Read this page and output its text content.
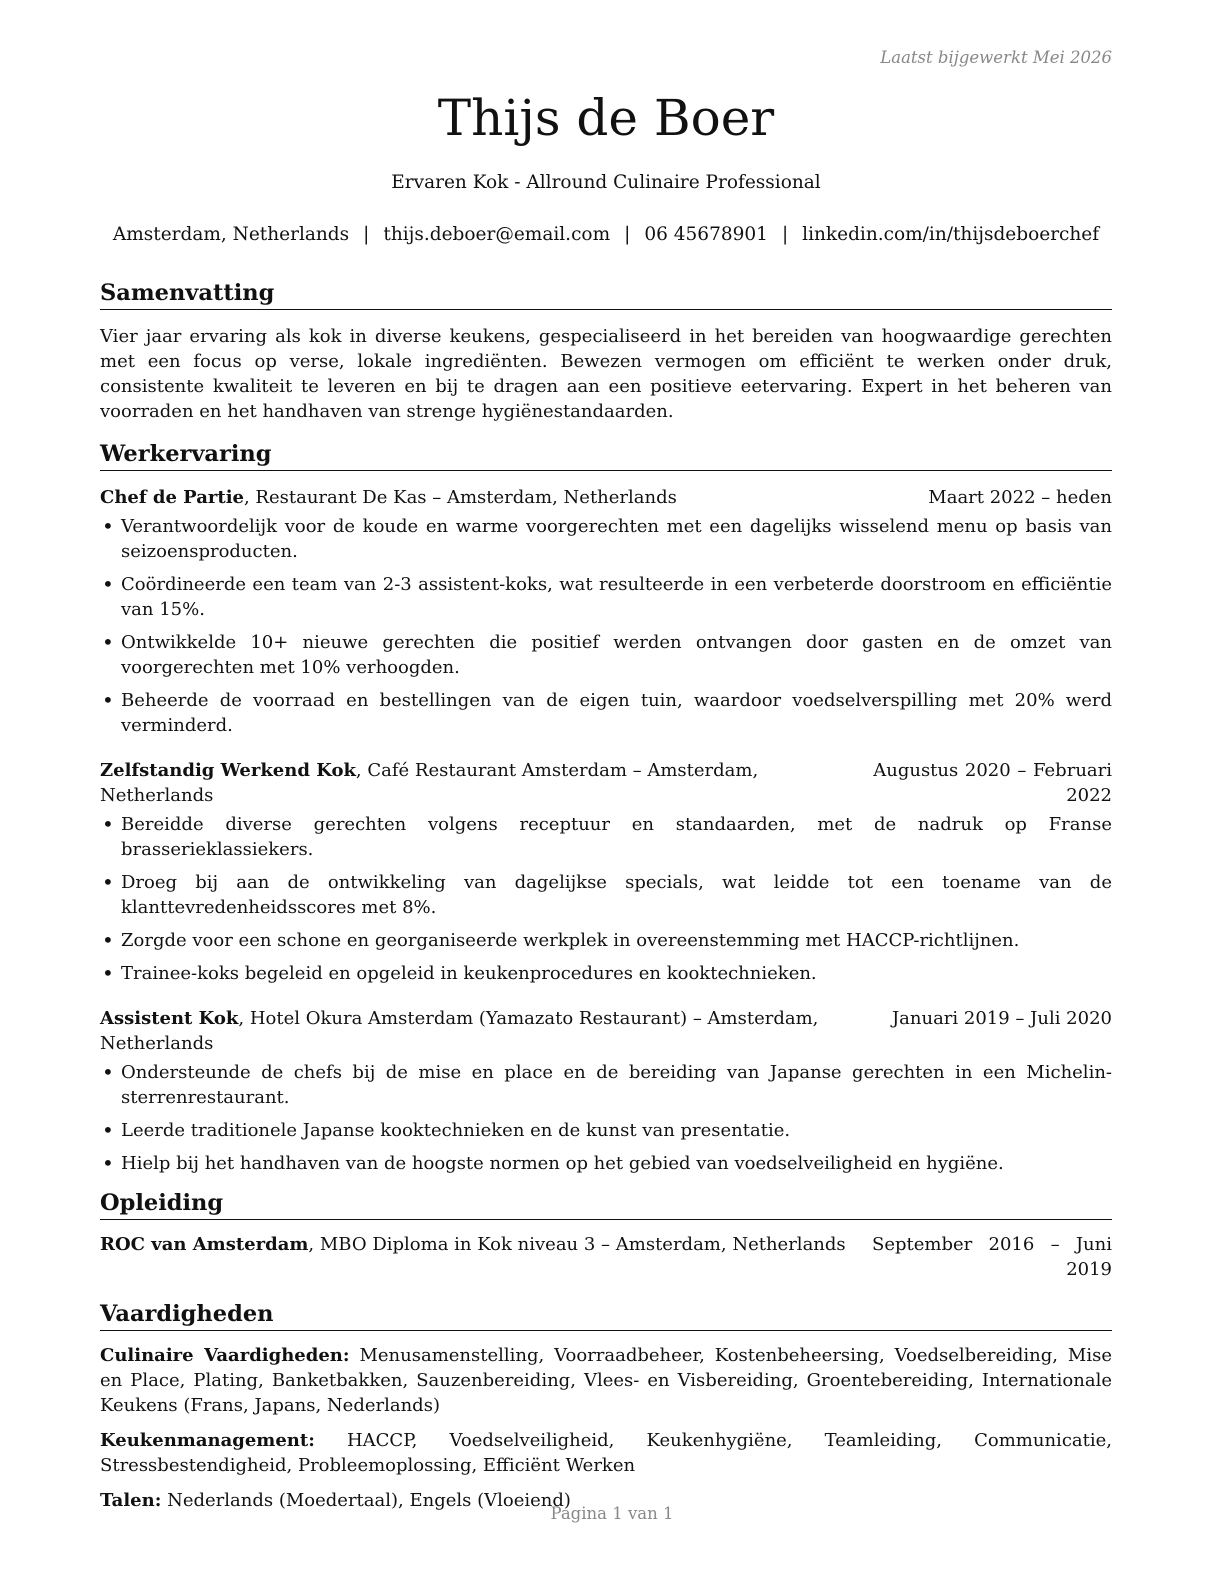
Laatst bijgewerkt Mei 2026
Thijs de Boer
Ervaren Kok - Allround Culinaire Professional
Amsterdam, Netherlands | thijs.deboer@email.com | 06 45678901 | linkedin.com/in/thijsdeboerchef
Samenvatting
Vier jaar ervaring als kok in diverse keukens, gespecialiseerd in het bereiden van hoogwaardige gerechten met een focus op verse, lokale ingrediënten. Bewezen vermogen om efficiënt te werken onder druk, consistente kwaliteit te leveren en bij te dragen aan een positieve eetervaring. Expert in het beheren van voorraden en het handhaven van strenge hygiënestandaarden.
Werkervaring
Chef de Partie, Restaurant De Kas – Amsterdam, Netherlands	Maart 2022 – heden
• Verantwoordelijk voor de koude en warme voorgerechten met een dagelijks wisselend menu op basis van seizoensproducten.
• Coördineerde een team van 2-3 assistent-koks, wat resulteerde in een verbeterde doorstroom en efficiëntie van 15%.
• Ontwikkelde 10+ nieuwe gerechten die positief werden ontvangen door gasten en de omzet van voorgerechten met 10% verhoogden.
• Beheerde de voorraad en bestellingen van de eigen tuin, waardoor voedselverspilling met 20% werd verminderd.
Zelfstandig Werkend Kok, Café Restaurant Amsterdam – Amsterdam, Netherlands
Augustus 2020 – Februari 2022
• Bereidde diverse gerechten volgens receptuur en standaarden, met de nadruk op Franse brasserieklassiekers.
• Droeg bij aan de ontwikkeling van dagelijkse specials, wat leidde tot een toename van de klanttevredenheidsscores met 8%.
• Zorgde voor een schone en georganiseerde werkplek in overeenstemming met HACCP-richtlijnen.
• Trainee-koks begeleid en opgeleid in keukenprocedures en kooktechnieken.
Assistent Kok, Hotel Okura Amsterdam (Yamazato Restaurant) – Amsterdam, Netherlands
Januari 2019 – Juli 2020
• Ondersteunde de chefs bij de mise en place en de bereiding van Japanse gerechten in een Michelin-sterrenrestaurant.
• Leerde traditionele Japanse kooktechnieken en de kunst van presentatie.
• Hielp bij het handhaven van de hoogste normen op het gebied van voedselveiligheid en hygiëne.
Opleiding
ROC van Amsterdam, MBO Diploma in Kok niveau 3 – Amsterdam, Netherlands September 2016 – Juni 2019
Vaardigheden

Culinaire Vaardigheden: Menusamenstelling, Voorraadbeheer, Kostenbeheersing, Voedselbereiding, Mise en Place, Plating, Banketbakken, Sauzenbereiding, Vlees- en Visbereiding, Groentebereiding, Internationale Keukens (Frans, Japans, Nederlands)

Keukenmanagement: HACCP, Voedselveiligheid, Keukenhygiëne, Teamleiding, Communicatie, Stressbestendigheid, Probleemoplossing, Efficiënt Werken

Talen: Nederlands (Moedertaal), Engels (Vloeiend)

Pagina 1 van 1
